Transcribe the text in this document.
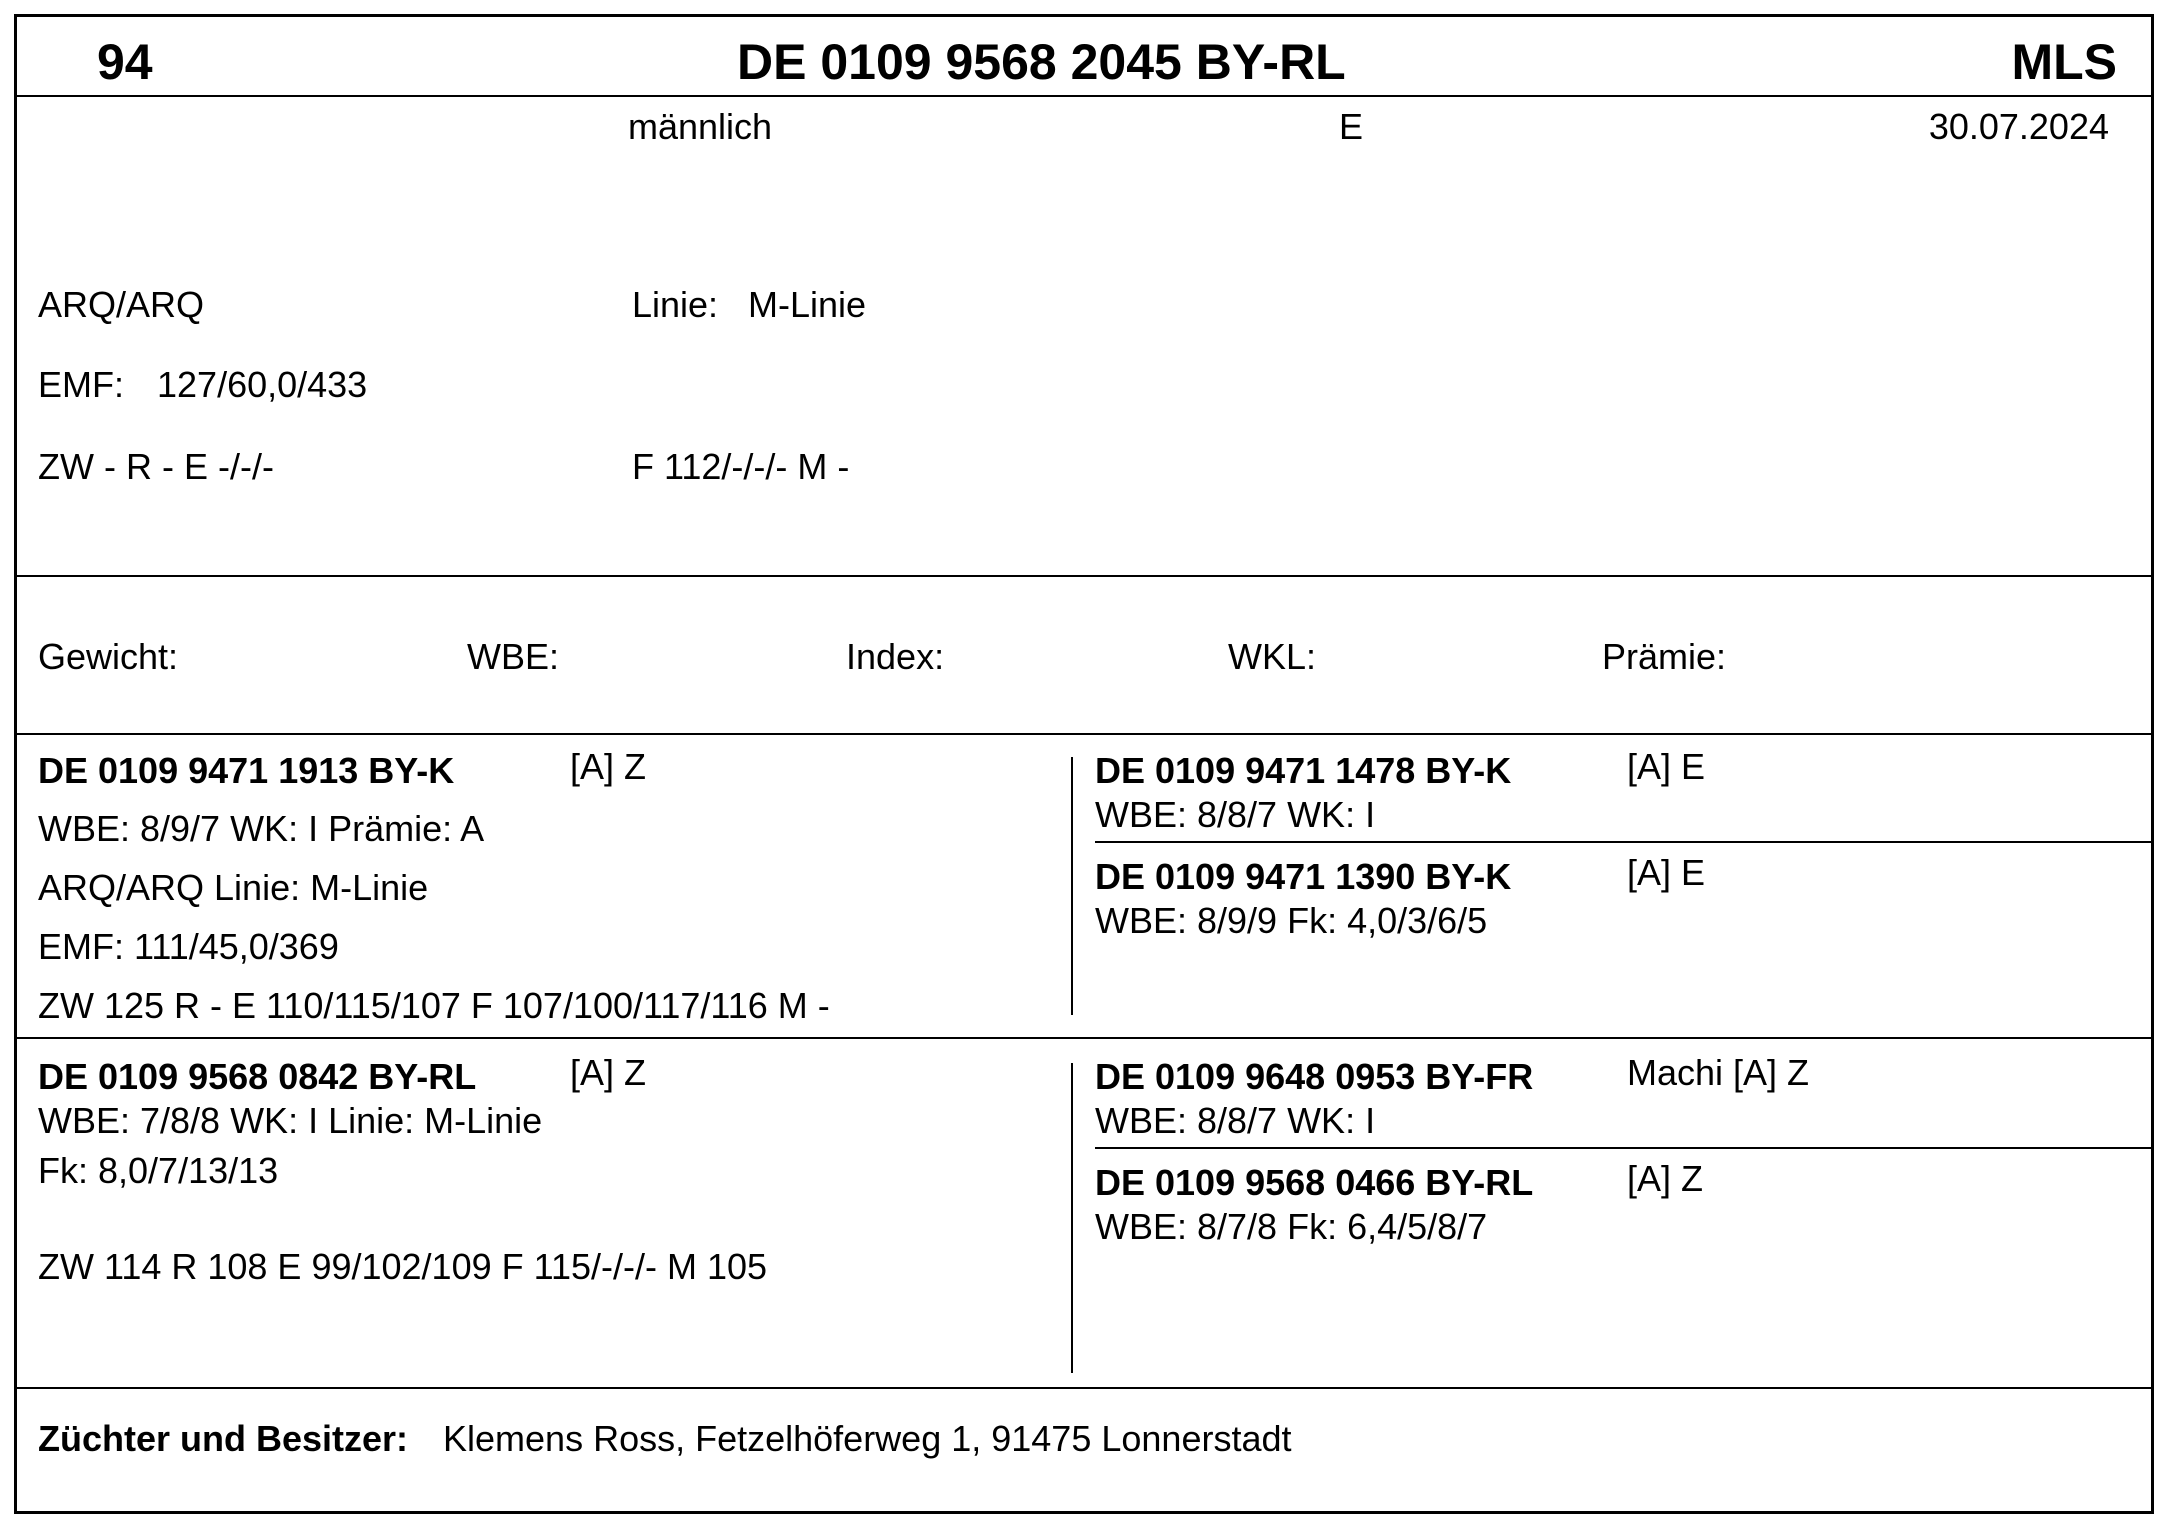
94	DE 0109 9568 2045 BY-RL	MLS
männlich	E	30.07.2024
ARQ/ARQ	Linie: M-Linie
EMF: 127/60,0/433
ZW - R - E -/-/-	F 112/-/-/- M -
Gewicht:	WBE:	Index:	WKL:	Prämie:
DE 0109 9471 1913 BY-K	[A] Z
WBE: 8/9/7 WK: I Prämie: A
ARQ/ARQ Linie: M-Linie
EMF: 111/45,0/369
ZW 125 R - E 110/115/107 F 107/100/117/116 M -
DE 0109 9471 1478 BY-K	[A] E
WBE: 8/8/7 WK: I
DE 0109 9471 1390 BY-K	[A] E
WBE: 8/9/9 Fk: 4,0/3/6/5
DE 0109 9568 0842 BY-RL	[A] Z
WBE: 7/8/8 WK: I Linie: M-Linie
Fk: 8,0/7/13/13
ZW 114 R 108 E 99/102/109 F 115/-/-/- M 105
DE 0109 9648 0953 BY-FR	Machi [A] Z
WBE: 8/8/7 WK: I
DE 0109 9568 0466 BY-RL	[A] Z
WBE: 8/7/8 Fk: 6,4/5/8/7
Züchter und Besitzer: Klemens Ross, Fetzelhöferweg 1, 91475 Lonnerstadt
